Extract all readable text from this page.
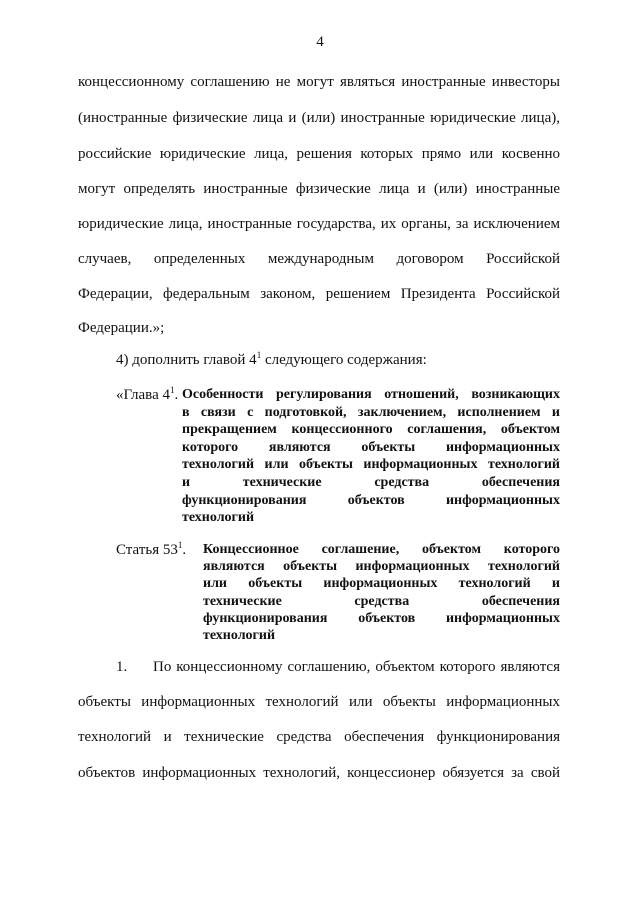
4
концессионному соглашению не могут являться иностранные инвесторы
(иностранные физические лица и (или) иностранные юридические лица),
российские юридические лица, решения которых прямо или косвенно
могут определять иностранные физические лица и (или) иностранные
юридические лица, иностранные государства, их органы, за исключением
случаев, определенных международным договором Российской
Федерации, федеральным законом, решением Президента Российской
Федерации.»;
4) дополнить главой $4^1$ следующего содержания:
«Глава $4^1$. Особенности регулирования отношений, возникающих
в связи с подготовкой, заключением, исполнением и
прекращением концессионного соглашения, объектом
которого являются объекты информационных
технологий или объекты информационных технологий
и технические средства обеспечения
функционирования объектов информационных
технологий
Статья $53^1$. Концессионное соглашение, объектом которого
являются объекты информационных технологий
или объекты информационных технологий и
технические средства обеспечения
функционирования объектов информационных
технологий
1.	По концессионному соглашению, объектом которого являются
объекты информационных технологий или объекты информационных
технологий и технические средства обеспечения функционирования
объектов информационных технологий, концессионер обязуется за свой
